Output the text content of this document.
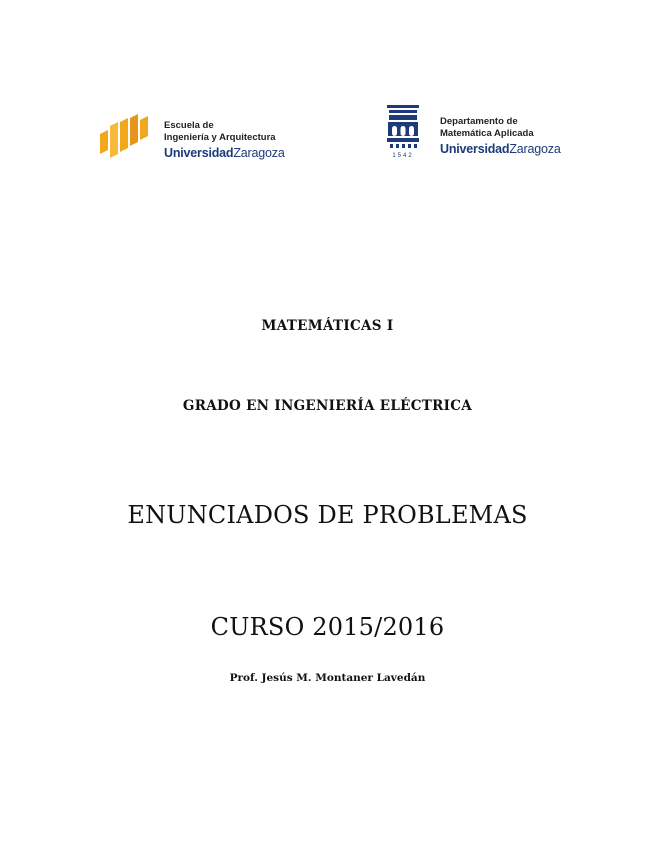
Escuela de
Ingeniería y Arquitectura
UniversidadZaragoza	1542
Departamento de
Matemática Aplicada
UniversidadZaragoza
MATEMÁTICAS I
GRADO EN INGENIERÍA ELÉCTRICA
ENUNCIADOS DE PROBLEMAS
CURSO 2015/2016
Prof. Jesús M. Montaner Lavedán
